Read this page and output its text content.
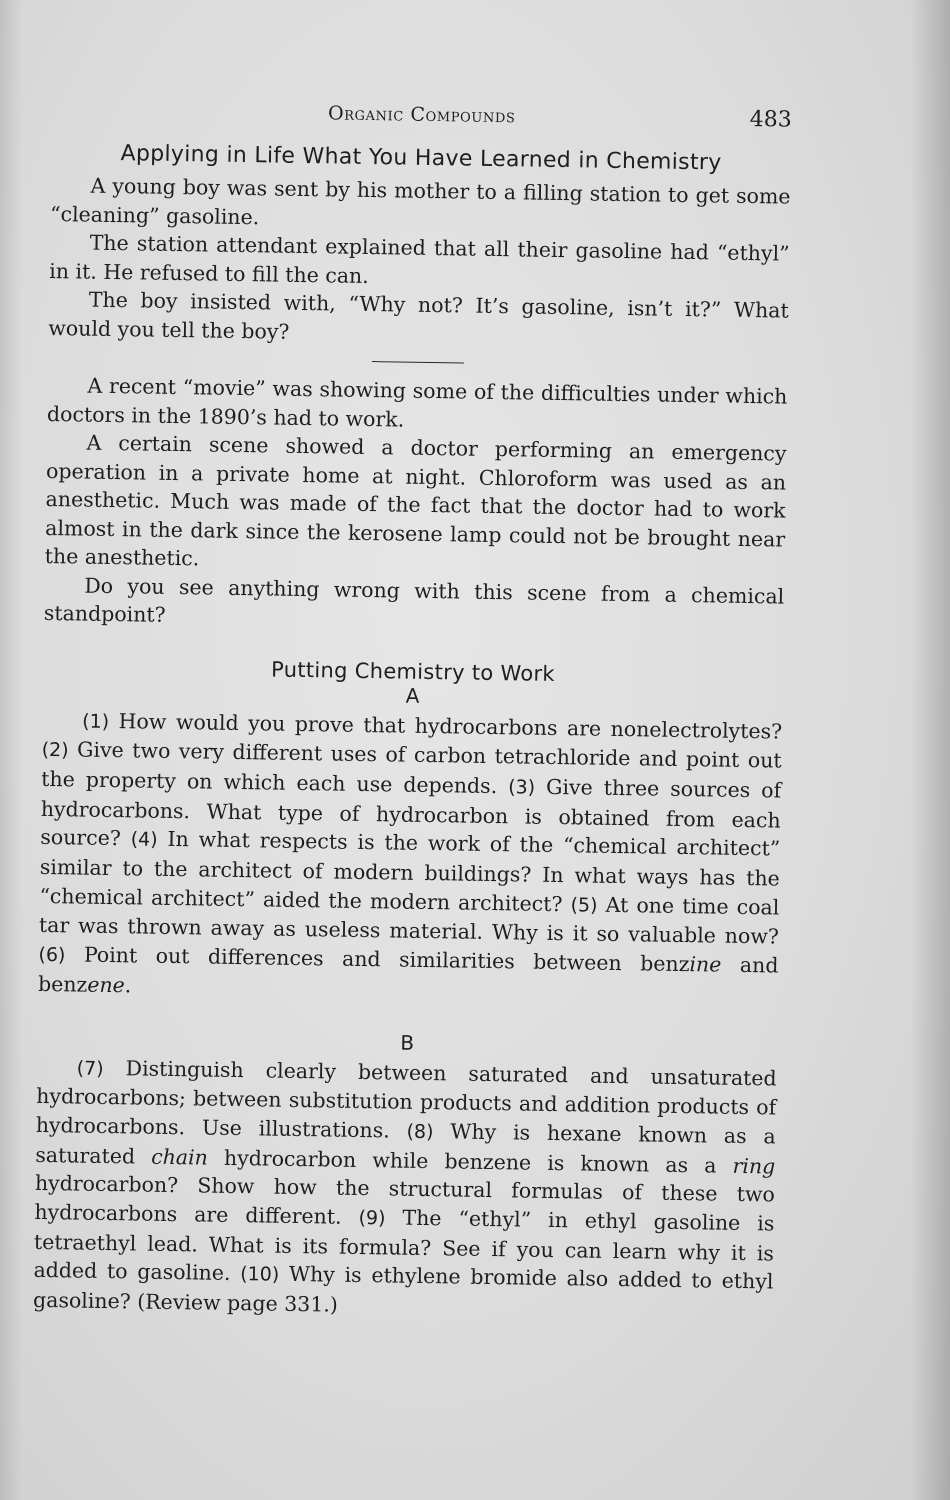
Organic Compounds	483
Applying in Life What You Have Learned in Chemistry

A young boy was sent by his mother to a filling station to get some “cleaning” gasoline.

The station attendant explained that all their gasoline had “ethyl” in it. He refused to fill the can.

The boy insisted with, “Why not? It’s gasoline, isn’t it?” What would you tell the boy?

A recent “movie” was showing some of the difficulties under which doctors in the 1890’s had to work.

A certain scene showed a doctor performing an emergency operation in a private home at night. Chloroform was used as an anesthetic. Much was made of the fact that the doctor had to work almost in the dark since the kerosene lamp could not be brought near the anesthetic.

Do you see anything wrong with this scene from a chemical standpoint?

Putting Chemistry to Work
A

(1) How would you prove that hydrocarbons are nonelectrolytes? (2) Give two very different uses of carbon tetrachloride and point out the property on which each use depends. (3) Give three sources of hydrocarbons. What type of hydrocarbon is obtained from each source? (4) In what respects is the work of the “chemical architect” similar to the architect of modern buildings? In what ways has the “chemical architect” aided the modern architect? (5) At one time coal tar was thrown away as useless material. Why is it so valuable now? (6) Point out differences and similarities between benzine and benzene.

B

(7) Distinguish clearly between saturated and unsaturated hydrocarbons; between substitution products and addition products of hydrocarbons. Use illustrations. (8) Why is hexane known as a saturated chain hydrocarbon while benzene is known as a ring hydrocarbon? Show how the structural formulas of these two hydrocarbons are different. (9) The “ethyl” in ethyl gasoline is tetraethyl lead. What is its formula? See if you can learn why it is added to gasoline. (10) Why is ethylene bromide also added to ethyl gasoline? (Review page 331.)
